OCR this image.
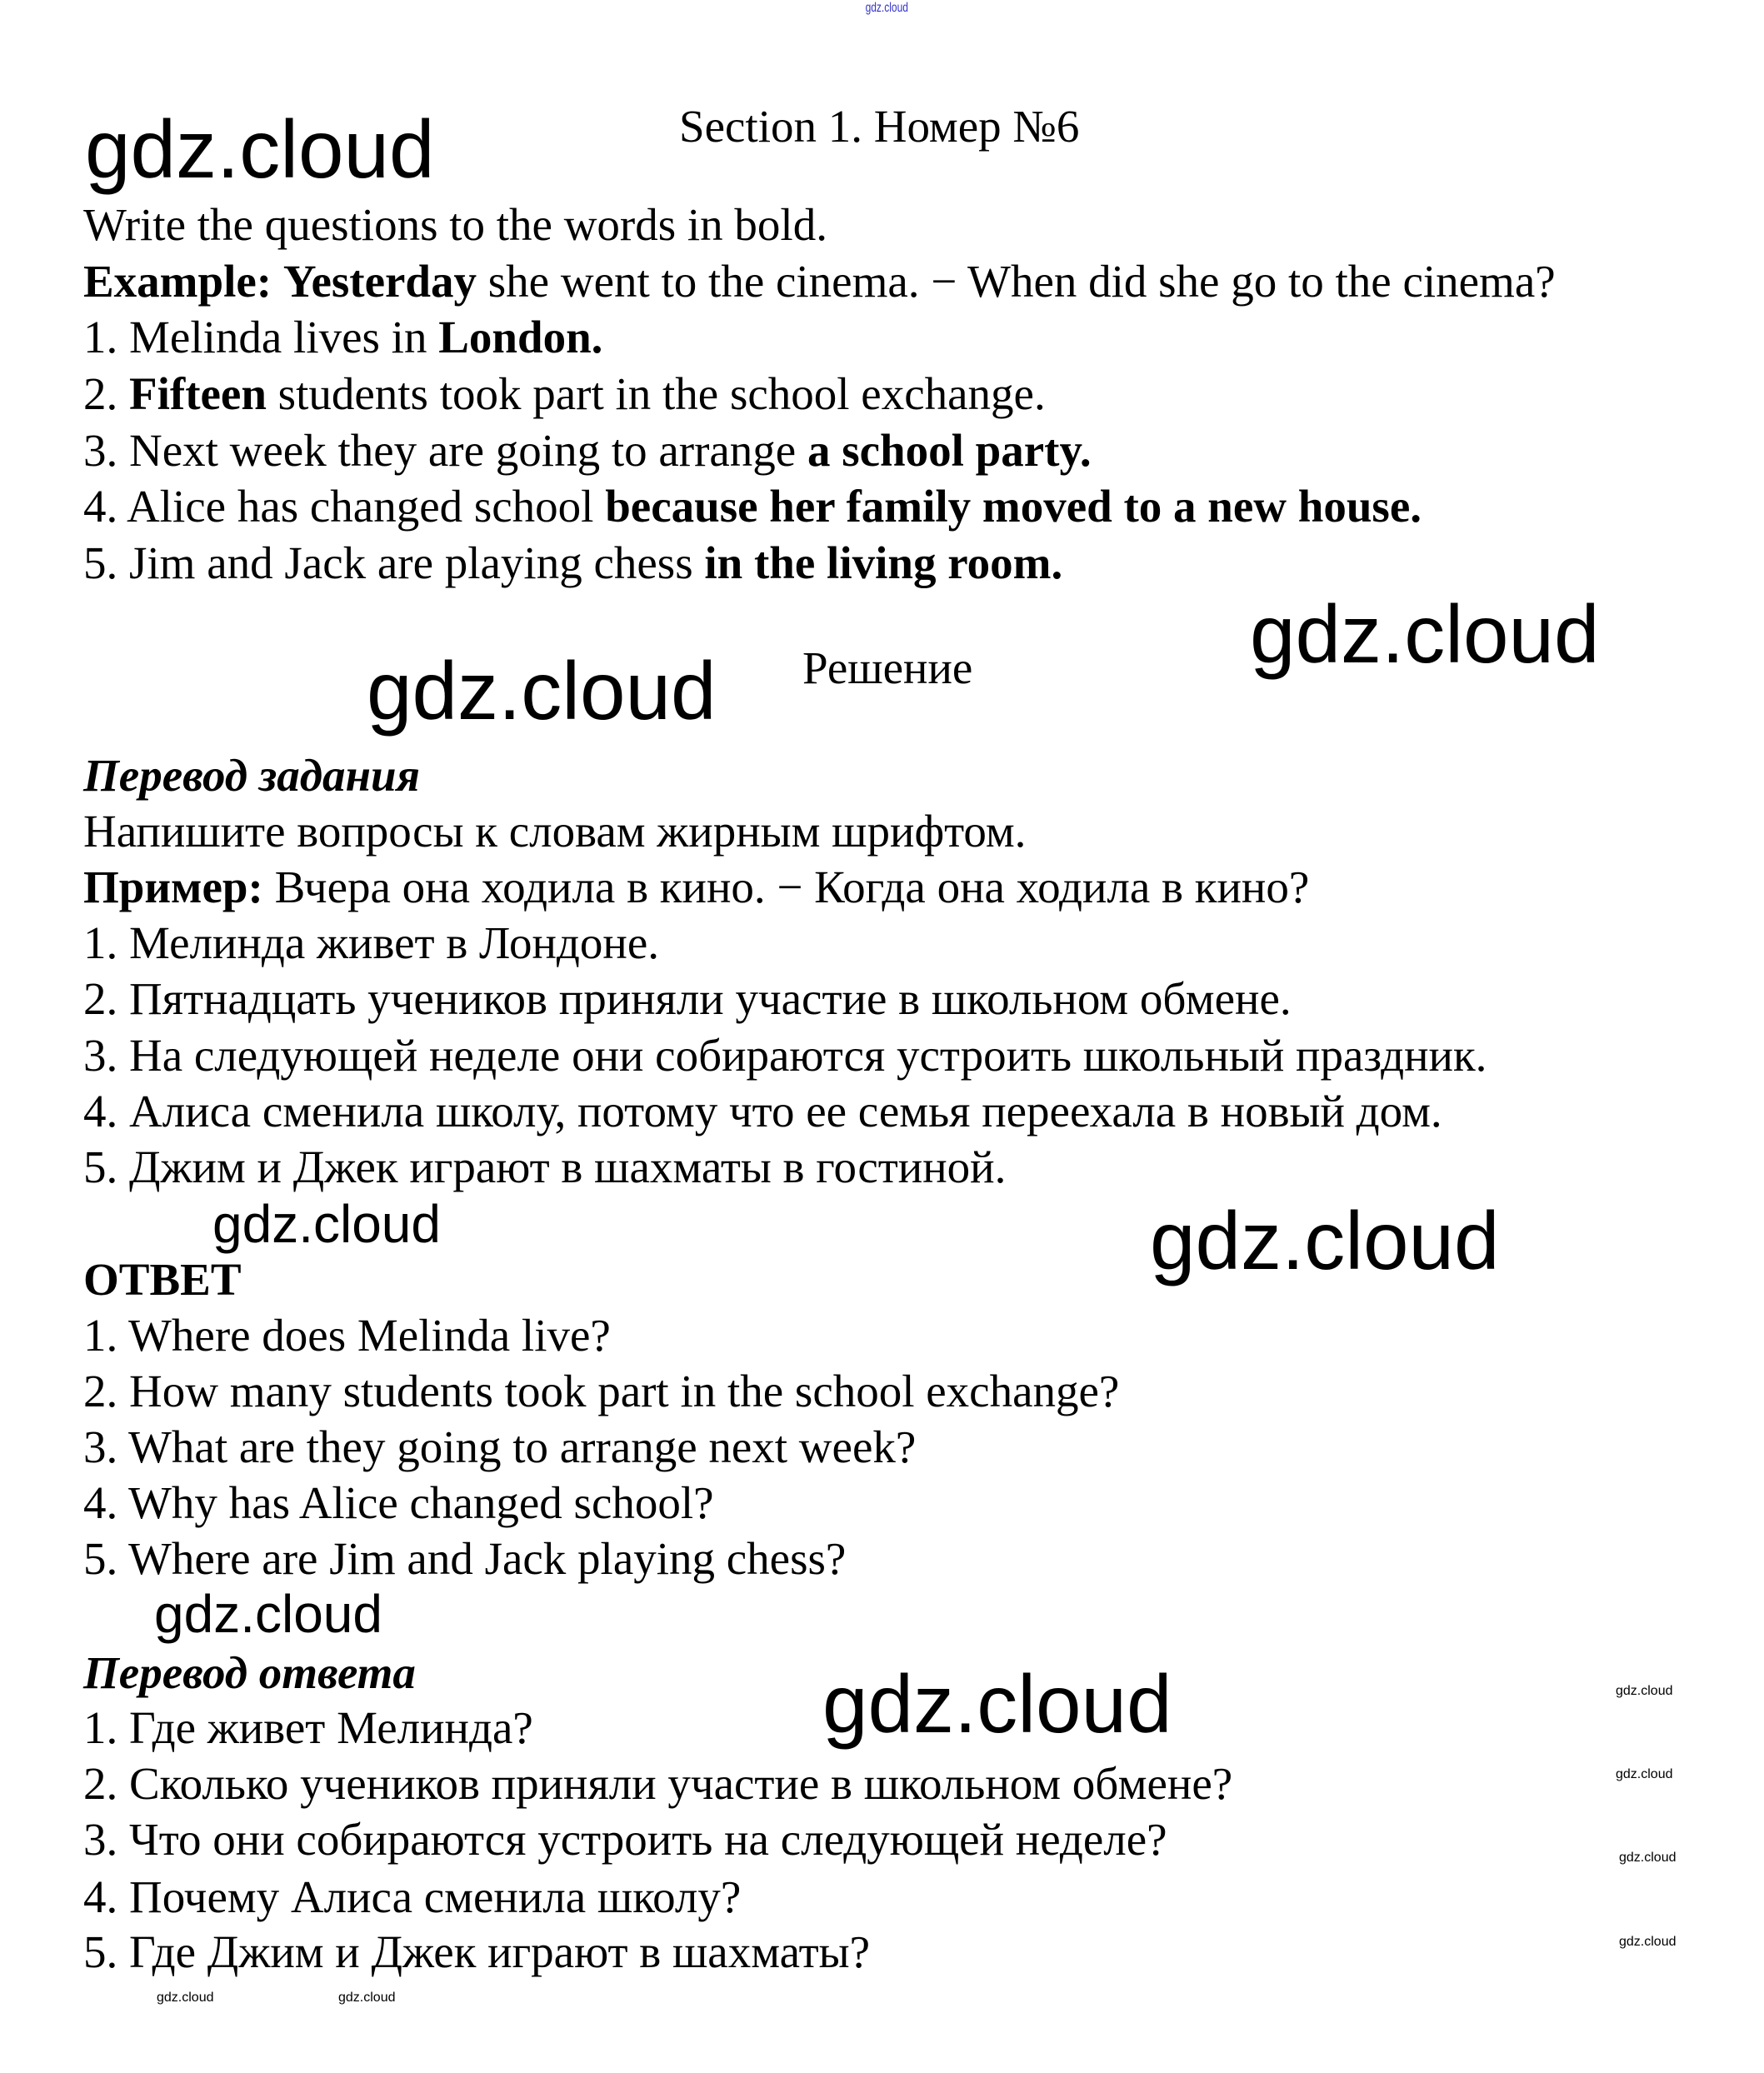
gdz.cloud
gdz.cloud
gdz.cloud
gdz.cloud
gdz.cloud	gdz.cloud
gdz.cloud
gdz.cloud	gdz.cloud
gdz.cloud
gdz.cloud
gdz.cloud
gdz.cloud	gdz.cloud
Section 1. Номер №6
Write the questions to the words in bold.
Example: Yesterday she went to the cinema. − When did she go to the cinema?
1. Melinda lives in London.
2. Fifteen students took part in the school exchange.
3. Next week they are going to arrange a school party.
4. Alice has changed school because her family moved to a new house.
5. Jim and Jack are playing chess in the living room.
Решение
Перевод задания
Напишите вопросы к словам жирным шрифтом.
Пример: Вчера она ходила в кино. − Когда она ходила в кино?
1. Мелинда живет в Лондоне.
2. Пятнадцать учеников приняли участие в школьном обмене.
3. На следующей неделе они собираются устроить школьный праздник.
4. Алиса сменила школу, потому что ее семья переехала в новый дом.
5. Джим и Джек играют в шахматы в гостиной.
ОТВЕТ
1. Where does Melinda live?
2. How many students took part in the school exchange?
3. What are they going to arrange next week?
4. Why has Alice changed school?
5. Where are Jim and Jack playing chess?
Перевод ответа
1. Где живет Мелинда?
2. Сколько учеников приняли участие в школьном обмене?
3. Что они собираются устроить на следующей неделе?
4. Почему Алиса сменила школу?
5. Где Джим и Джек играют в шахматы?
